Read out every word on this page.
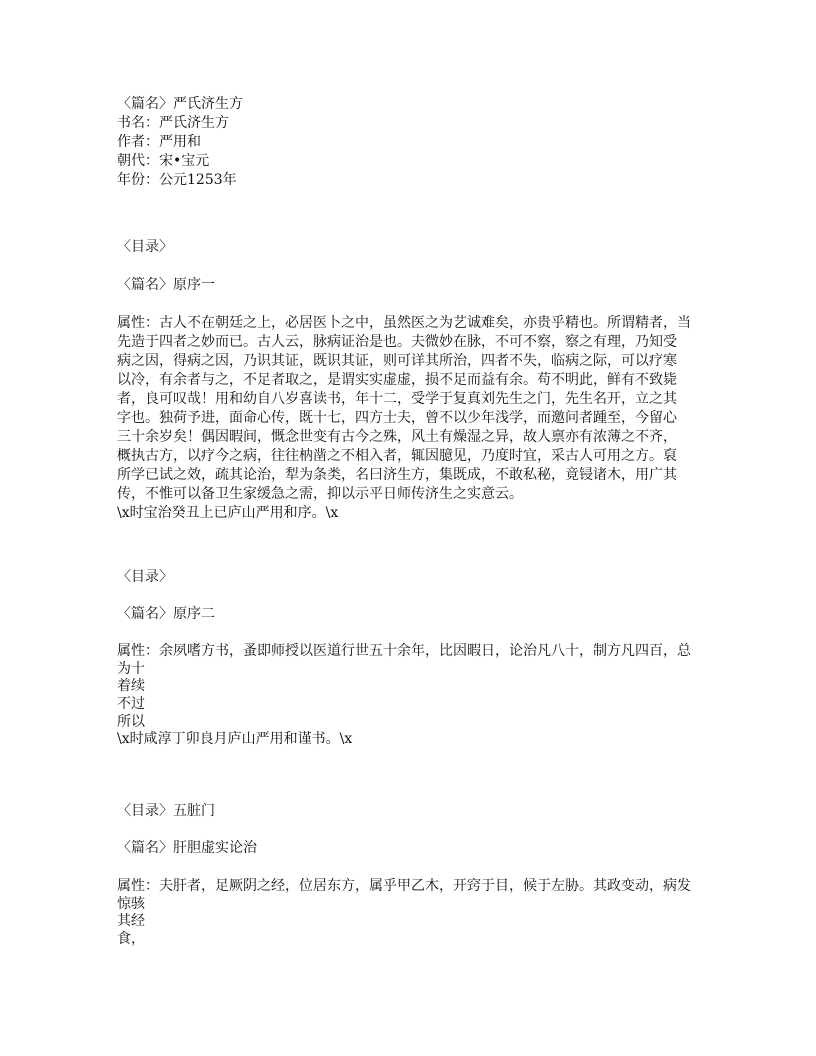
〈篇名〉严氏济生方
书名：严氏济生方
作者：严用和
朝代：宋•宝元
年份：公元1253年
〈目录〉
〈篇名〉原序一
属性：古人不在朝廷之上，必居医卜之中，虽然医之为艺诚难矣，亦贵乎精也。所谓精者，当
先造于四者之妙而已。古人云，脉病证治是也。夫微妙在脉，不可不察，察之有理，乃知受
病之因，得病之因，乃识其证，既识其证，则可详其所治，四者不失，临病之际，可以疗寒
以冷，有余者与之，不足者取之，是谓实实虚虚，损不足而益有余。苟不明此，鲜有不致毙
者，良可叹哉！用和幼自八岁喜读书，年十二，受学于复真刘先生之门，先生名开，立之其
字也。独荷予进，面命心传，既十七，四方士夫，曾不以少年浅学，而邀问者踵至，今留心
三十余岁矣！偶因暇间，慨念世变有古今之殊，风土有燥湿之异，故人禀亦有浓薄之不齐，
概执古方，以疗今之病，往往枘凿之不相入者，辄因臆见，乃度时宜，采古人可用之方。裒
所学已试之效，疏其论治，犁为条类，名曰济生方，集既成，不敢私秘，竟锓诸木，用广其
传，不惟可以备卫生家缓急之需，抑以示平日师传济生之实意云。
\x时宝治癸丑上已庐山严用和序。\x
〈目录〉
〈篇名〉原序二
属性：余夙嗜方书，蚤即师授以医道行世五十余年，比因暇日，论治凡八十，制方凡四百，总
为十
着续
不过
所以
\x时咸淳丁卯良月庐山严用和谨书。\x
〈目录〉五脏门
〈篇名〉肝胆虚实论治
属性：夫肝者，足厥阴之经，位居东方，属乎甲乙木，开窍于目，候于左胁。其政变动，病发
惊骇
其经
食，
